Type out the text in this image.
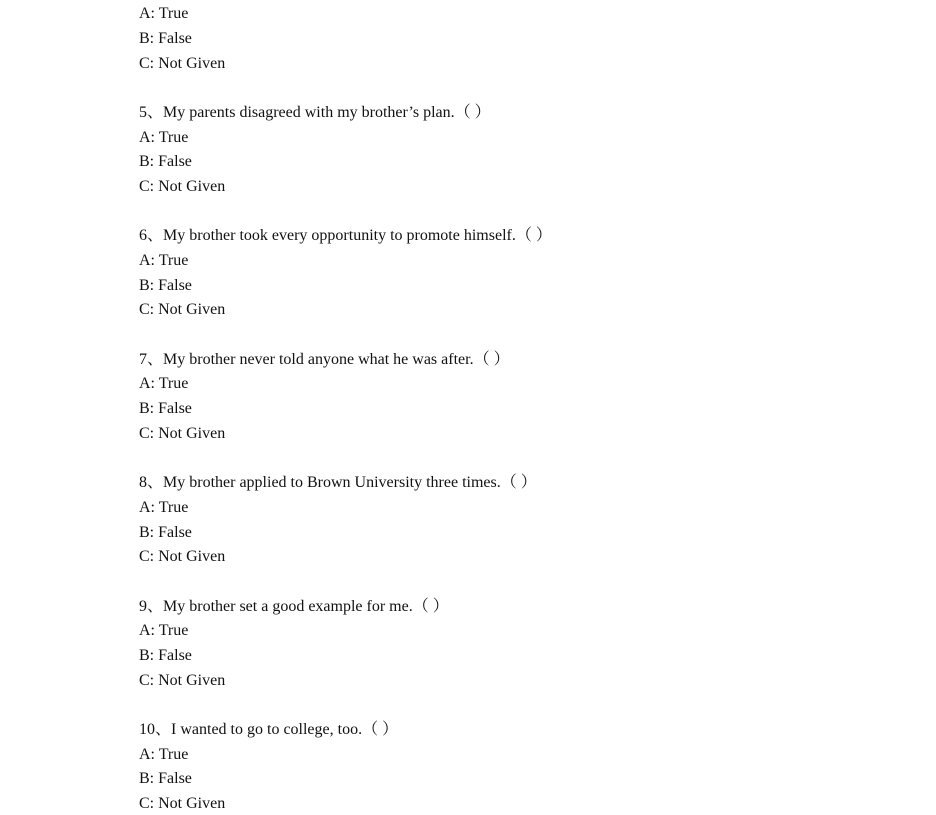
A: True
B: False
C: Not Given
5、My parents disagreed with my brother’s plan.（ ）
A: True
B: False
C: Not Given
6、My brother took every opportunity to promote himself.（ ）
A: True
B: False
C: Not Given
7、My brother never told anyone what he was after.（ ）
A: True
B: False
C: Not Given
8、My brother applied to Brown University three times.（ ）
A: True
B: False
C: Not Given
9、My brother set a good example for me.（ ）
A: True
B: False
C: Not Given
10、I wanted to go to college, too.（ ）
A: True
B: False
C: Not Given
